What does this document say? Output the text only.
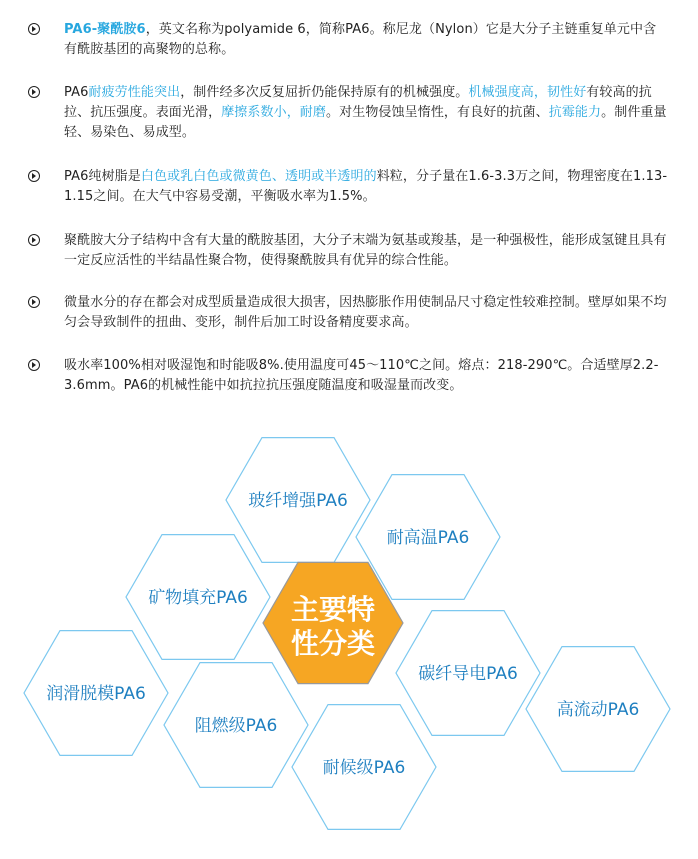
PA6-聚酰胺6，英文名称为polyamide 6，简称PA6。称尼龙（Nylon）它是大分子主链重复单元中含有酰胺基团的高聚物的总称。
PA6耐疲劳性能突出，制件经多次反复屈折仍能保持原有的机械强度。机械强度高，韧性好有较高的抗拉、抗压强度。表面光滑，摩擦系数小，耐磨。对生物侵蚀呈惰性，有良好的抗菌、抗霉能力。制件重量轻、易染色、易成型。
PA6纯树脂是白色或乳白色或微黄色、透明或半透明的料粒，分子量在1.6-3.3万之间，物理密度在1.13-1.15之间。在大气中容易受潮，平衡吸水率为1.5%。
聚酰胺大分子结构中含有大量的酰胺基团，大分子末端为氨基或羧基，是一种强极性，能形成氢键且具有一定反应活性的半结晶性聚合物，使得聚酰胺具有优异的综合性能。
微量水分的存在都会对成型质量造成很大损害，因热膨胀作用使制品尺寸稳定性较难控制。壁厚如果不均匀会导致制件的扭曲、变形，制件后加工时设备精度要求高。
吸水率100%相对吸湿饱和时能吸8%.使用温度可45～110℃之间。熔点：218-290℃。合适壁厚2.2-3.6mm。PA6的机械性能中如抗拉抗压强度随温度和吸湿量而改变。
主要特
性分类
玻纤增强PA6
耐高温PA6
矿物填充PA6
碳纤导电PA6
润滑脱模PA6
阻燃级PA6
耐候级PA6
高流动PA6
